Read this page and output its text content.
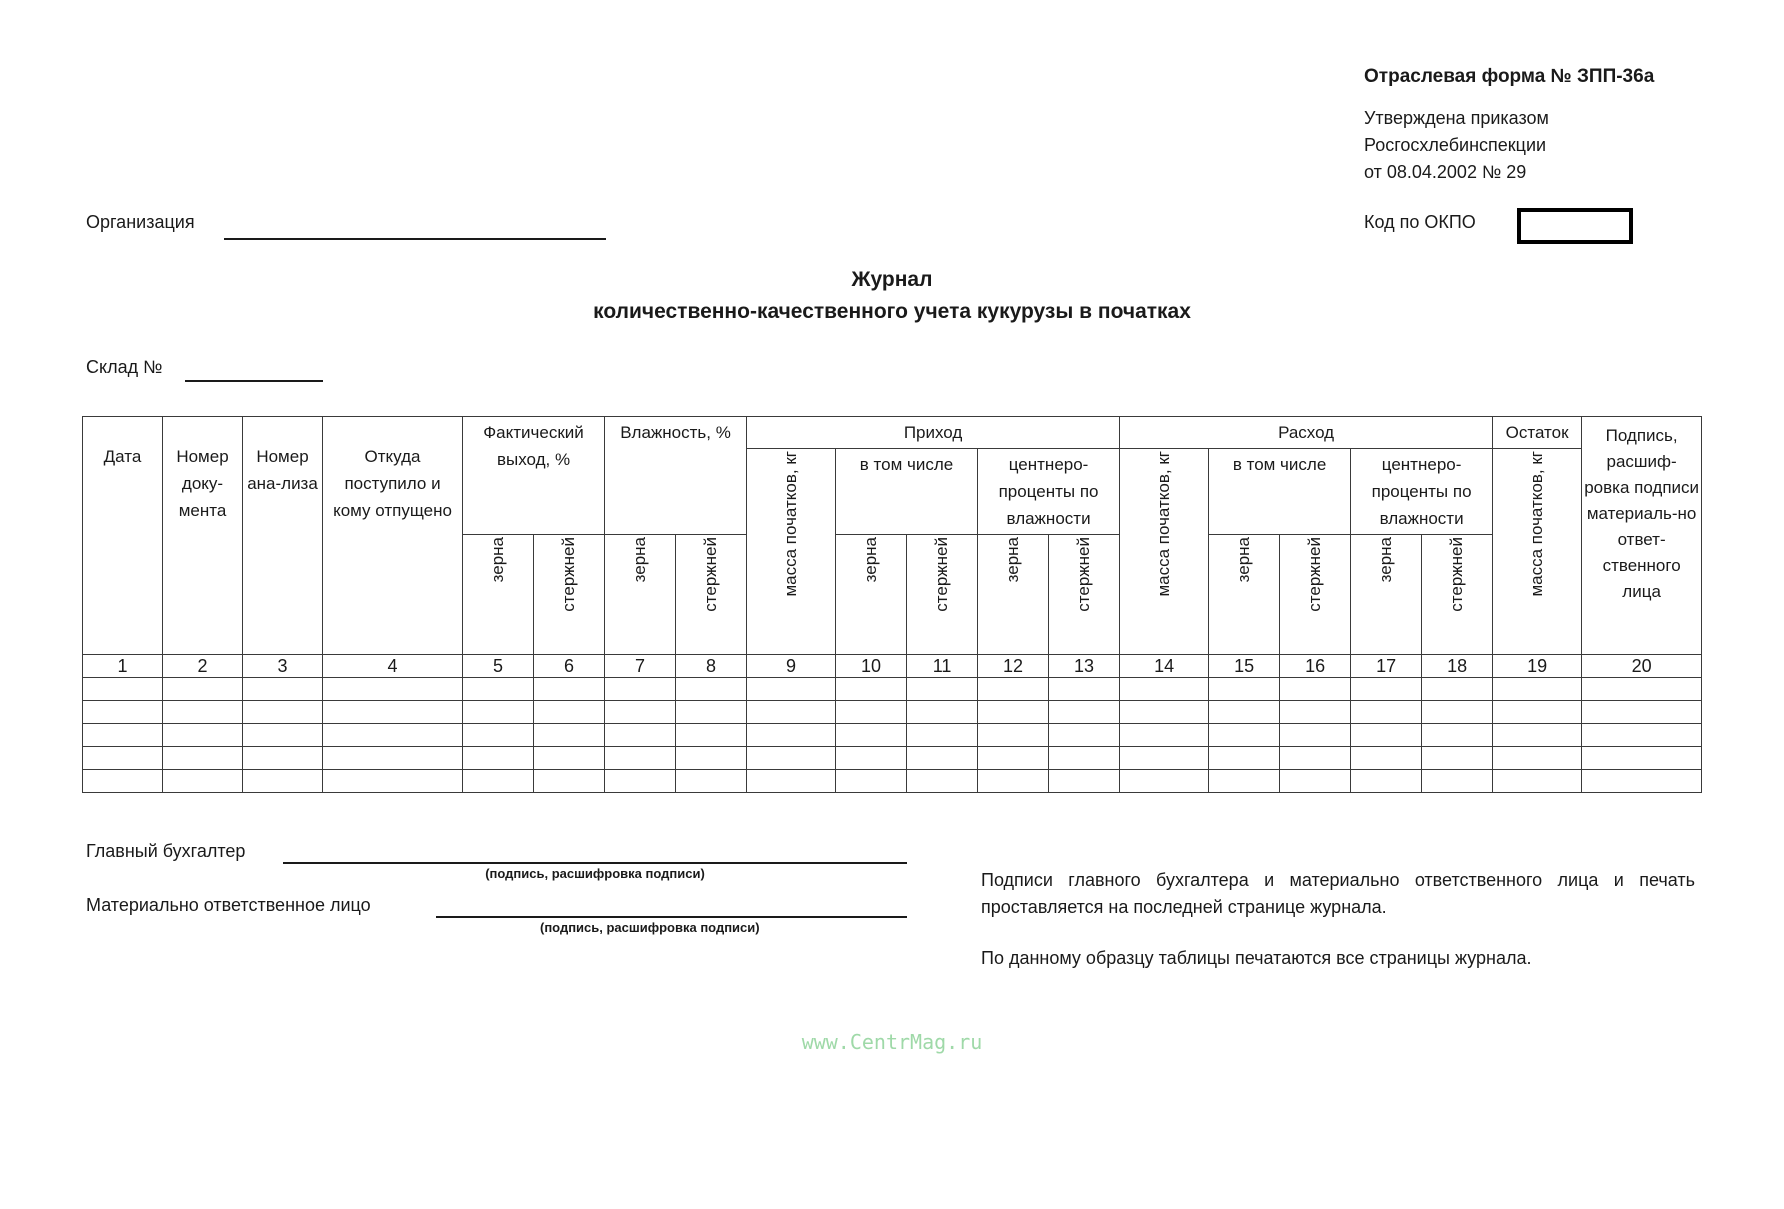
Отраслевая форма № ЗПП-36а
Утверждена приказом
Росгосхлебинспекции
от 08.04.2002 № 29
Код по ОКПО
Организация
Журнал
количественно-качественного учета кукурузы в початках
Склад №
Дата	Номер доку-мента	Номер ана-лиза	Откуда поступило и кому отпущено	Фактический выход, %		Влажность, %		Приход					Расход					Остаток	Подпись, расшиф-ровка подписи материаль-но ответ-ственного лица
								масса початков, кг	в том числе		центнеро-проценты по влажности		масса початков, кг	в том числе		центнеро-проценты по влажности		масса початков, кг	
				зерна	стержней	зерна	стержней		зерна	стержней	зерна	стержней		зерна	стержней	зерна	стержней		
1	2	3	4	5	6	7	8	9	10	11	12	13	14	15	16	17	18	19	20

Главный бухгалтер
(подпись, расшифровка подписи)
Материально ответственное лицо
(подпись, расшифровка подписи)
Подписи главного бухгалтера и материально ответственного лица и печать проставляется на последней странице журнала.
По данному образцу таблицы печатаются все страницы журнала.
www.CentrMag.ru
